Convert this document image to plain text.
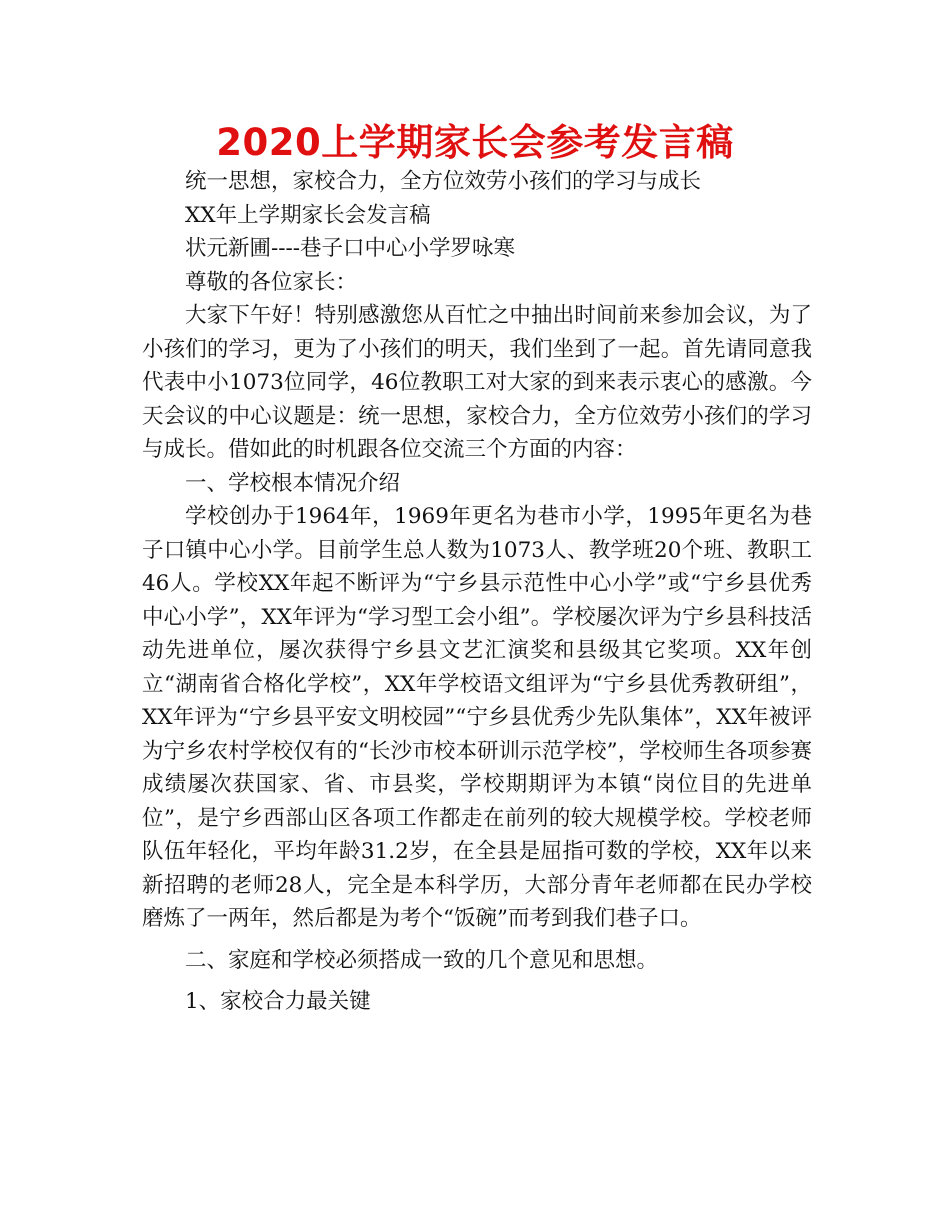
2020上学期家长会参考发言稿

统一思想，家校合力，全方位效劳小孩们的学习与成长

XX年上学期家长会发言稿

状元新圃----巷子口中心小学罗咏寒

尊敬的各位家长：

大家下午好！特别感激您从百忙之中抽出时间前来参加会议，为了小孩们的学习，更为了小孩们的明天，我们坐到了一起。首先请同意我代表中小1073位同学，46位教职工对大家的到来表示衷心的感激。今天会议的中心议题是：统一思想，家校合力，全方位效劳小孩们的学习与成长。借如此的时机跟各位交流三个方面的内容：

一、学校根本情况介绍

学校创办于1964年，1969年更名为巷市小学，1995年更名为巷子口镇中心小学。目前学生总人数为1073人、教学班20个班、教职工46人。学校XX年起不断评为“宁乡县示范性中心小学”或“宁乡县优秀中心小学”，XX年评为“学习型工会小组”。学校屡次评为宁乡县科技活动先进单位，屡次获得宁乡县文艺汇演奖和县级其它奖项。XX年创立“湖南省合格化学校”，XX年学校语文组评为“宁乡县优秀教研组”，XX年评为“宁乡县平安文明校园”“宁乡县优秀少先队集体”，XX年被评为宁乡农村学校仅有的“长沙市校本研训示范学校”，学校师生各项参赛成绩屡次获国家、省、市县奖，学校期期评为本镇“岗位目的先进单位”，是宁乡西部山区各项工作都走在前列的较大规模学校。学校老师队伍年轻化，平均年龄31.2岁，在全县是屈指可数的学校，XX年以来新招聘的老师28人，完全是本科学历，大部分青年老师都在民办学校磨炼了一两年，然后都是为考个“饭碗”而考到我们巷子口。

二、家庭和学校必须搭成一致的几个意见和思想。

1、家校合力最关键
